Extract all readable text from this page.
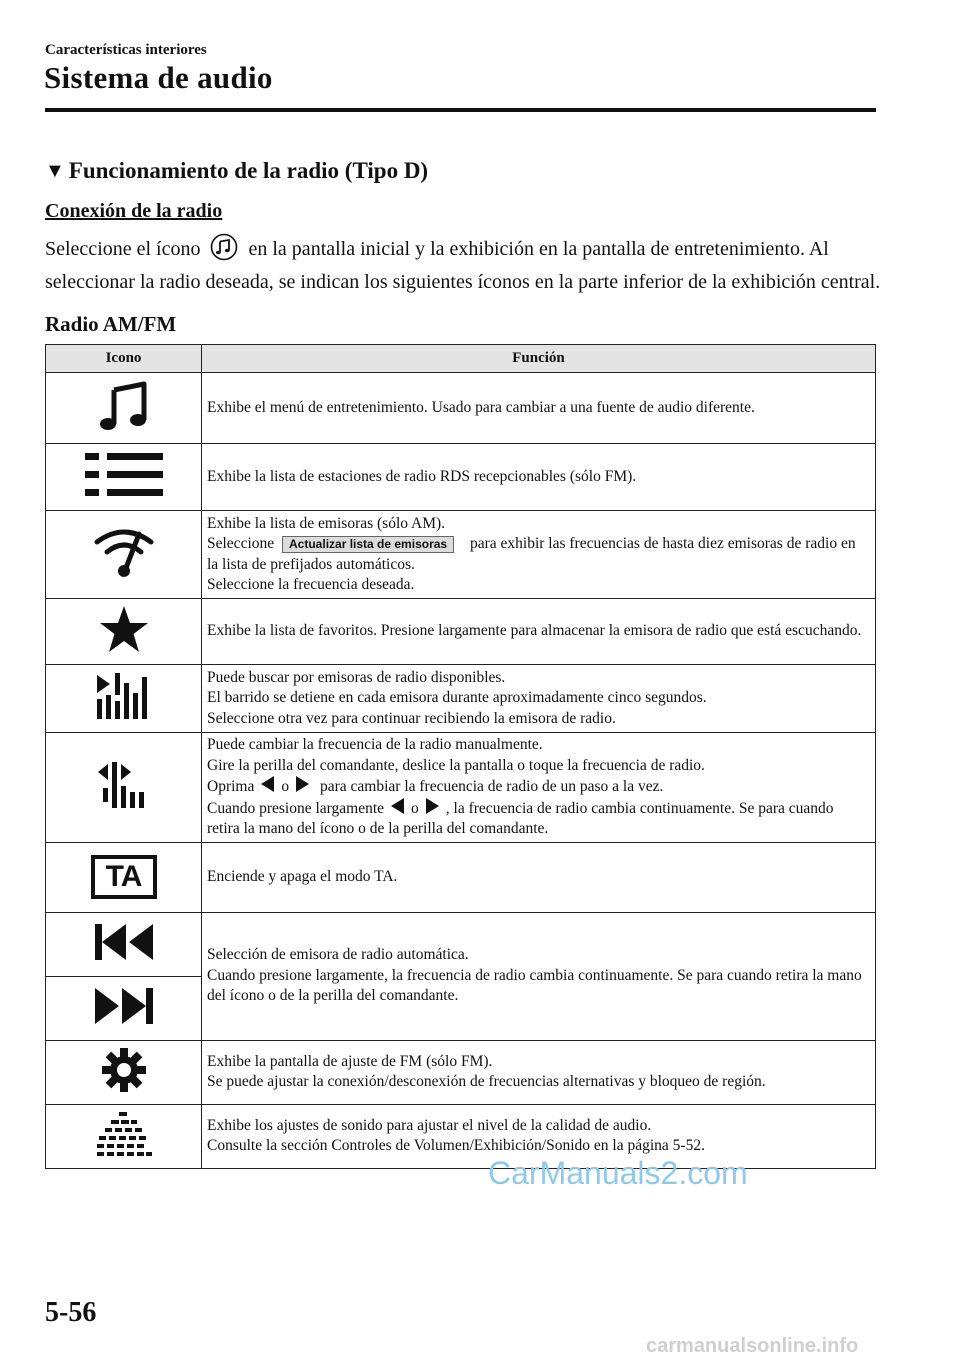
Características interiores
Sistema de audio
▼ Funcionamiento de la radio (Tipo D)
Conexión de la radio
Seleccione el ícono en la pantalla inicial y la exhibición en la pantalla de entretenimiento. Al seleccionar la radio deseada, se indican los siguientes íconos en la parte inferior de la exhibición central.
Radio AM/FM
Icono	Función

Exhibe el menú de entretenimiento. Usado para cambiar a una fuente de audio diferente.

Exhibe la lista de estaciones de radio RDS recepcionables (sólo FM).

Exhibe la lista de emisoras (sólo AM).
Seleccione Actualizar lista de emisoras para exhibir las frecuencias de hasta diez emisoras de radio en la lista de prefijados automáticos.
Seleccione la frecuencia deseada.

Exhibe la lista de favoritos. Presione largamente para almacenar la emisora de radio que está escuchando.

Puede buscar por emisoras de radio disponibles.
El barrido se detiene en cada emisora durante aproximadamente cinco segundos.
Seleccione otra vez para continuar recibiendo la emisora de radio.

Puede cambiar la frecuencia de la radio manualmente.
Gire la perilla del comandante, deslice la pantalla o toque la frecuencia de radio.
Oprima o para cambiar la frecuencia de radio de un paso a la vez.
Cuando presione largamente o , la frecuencia de radio cambia continuamente. Se para cuando retira la mano del ícono o de la perilla del comandante.

TA	Enciende y apaga el modo TA.

Selección de emisora de radio automática.
Cuando presione largamente, la frecuencia de radio cambia continuamente. Se para cuando retira la mano del ícono o de la perilla del comandante.

Exhibe la pantalla de ajuste de FM (sólo FM).
Se puede ajustar la conexión/desconexión de frecuencias alternativas y bloqueo de región.

Exhibe los ajustes de sonido para ajustar el nivel de la calidad de audio.
Consulte la sección Controles de Volumen/Exhibición/Sonido en la página 5-52.
CarManuals2.com
5-56
carmanualsonline.info
